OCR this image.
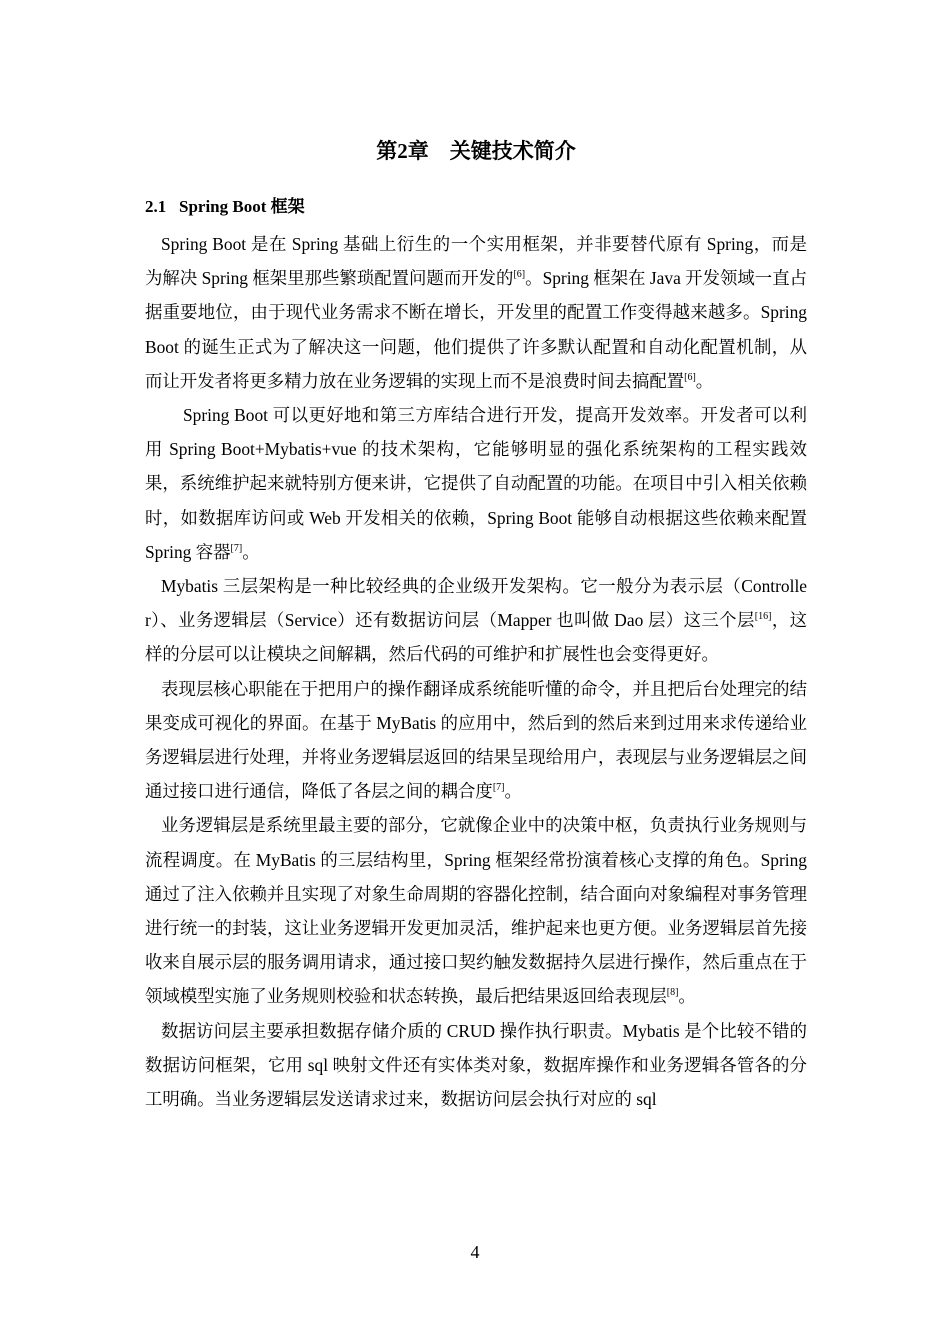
第2章　关键技术简介
2.1  Spring Boot 框架

Spring Boot 是在 Spring 基础上衍生的一个实用框架，并非要替代原有 Spring，而是为解决 Spring 框架里那些繁琐配置问题而开发的[6]。Spring 框架在 Java 开发领域一直占据重要地位，由于现代业务需求不断在增长，开发里的配置工作变得越来越多。Spring Boot 的诞生正式为了解决这一问题，他们提供了许多默认配置和自动化配置机制，从而让开发者将更多精力放在业务逻辑的实现上而不是浪费时间去搞配置[6]。

Spring Boot 可以更好地和第三方库结合进行开发，提高开发效率。开发者可以利用 Spring Boot+Mybatis+vue 的技术架构，它能够明显的强化系统架构的工程实践效果，系统维护起来就特别方便来讲，它提供了自动配置的功能。在项目中引入相关依赖时，如数据库访问或 Web 开发相关的依赖，Spring Boot 能够自动根据这些依赖来配置 Spring 容器[7]。

Mybatis 三层架构是一种比较经典的企业级开发架构。它一般分为表示层（Controller）、业务逻辑层（Service）还有数据访问层（Mapper 也叫做 Dao 层）这三个层[16]，这样的分层可以让模块之间解耦，然后代码的可维护和扩展性也会变得更好。

表现层核心职能在于把用户的操作翻译成系统能听懂的命令，并且把后台处理完的结果变成可视化的界面。在基于 MyBatis 的应用中，然后到的然后来到过用来求传递给业务逻辑层进行处理，并将业务逻辑层返回的结果呈现给用户，表现层与业务逻辑层之间通过接口进行通信，降低了各层之间的耦合度[7]。

业务逻辑层是系统里最主要的部分，它就像企业中的决策中枢，负责执行业务规则与流程调度。在 MyBatis 的三层结构里，Spring 框架经常扮演着核心支撑的角色。Spring 通过了注入依赖并且实现了对象生命周期的容器化控制，结合面向对象编程对事务管理进行统一的封装，这让业务逻辑开发更加灵活，维护起来也更方便。业务逻辑层首先接收来自展示层的服务调用请求，通过接口契约触发数据持久层进行操作，然后重点在于领域模型实施了业务规则校验和状态转换，最后把结果返回给表现层[8]。

数据访问层主要承担数据存储介质的 CRUD 操作执行职责。Mybatis 是个比较不错的数据访问框架，它用 sql 映射文件还有实体类对象，数据库操作和业务逻辑各管各的分工明确。当业务逻辑层发送请求过来，数据访问层会执行对应的 sql

4
